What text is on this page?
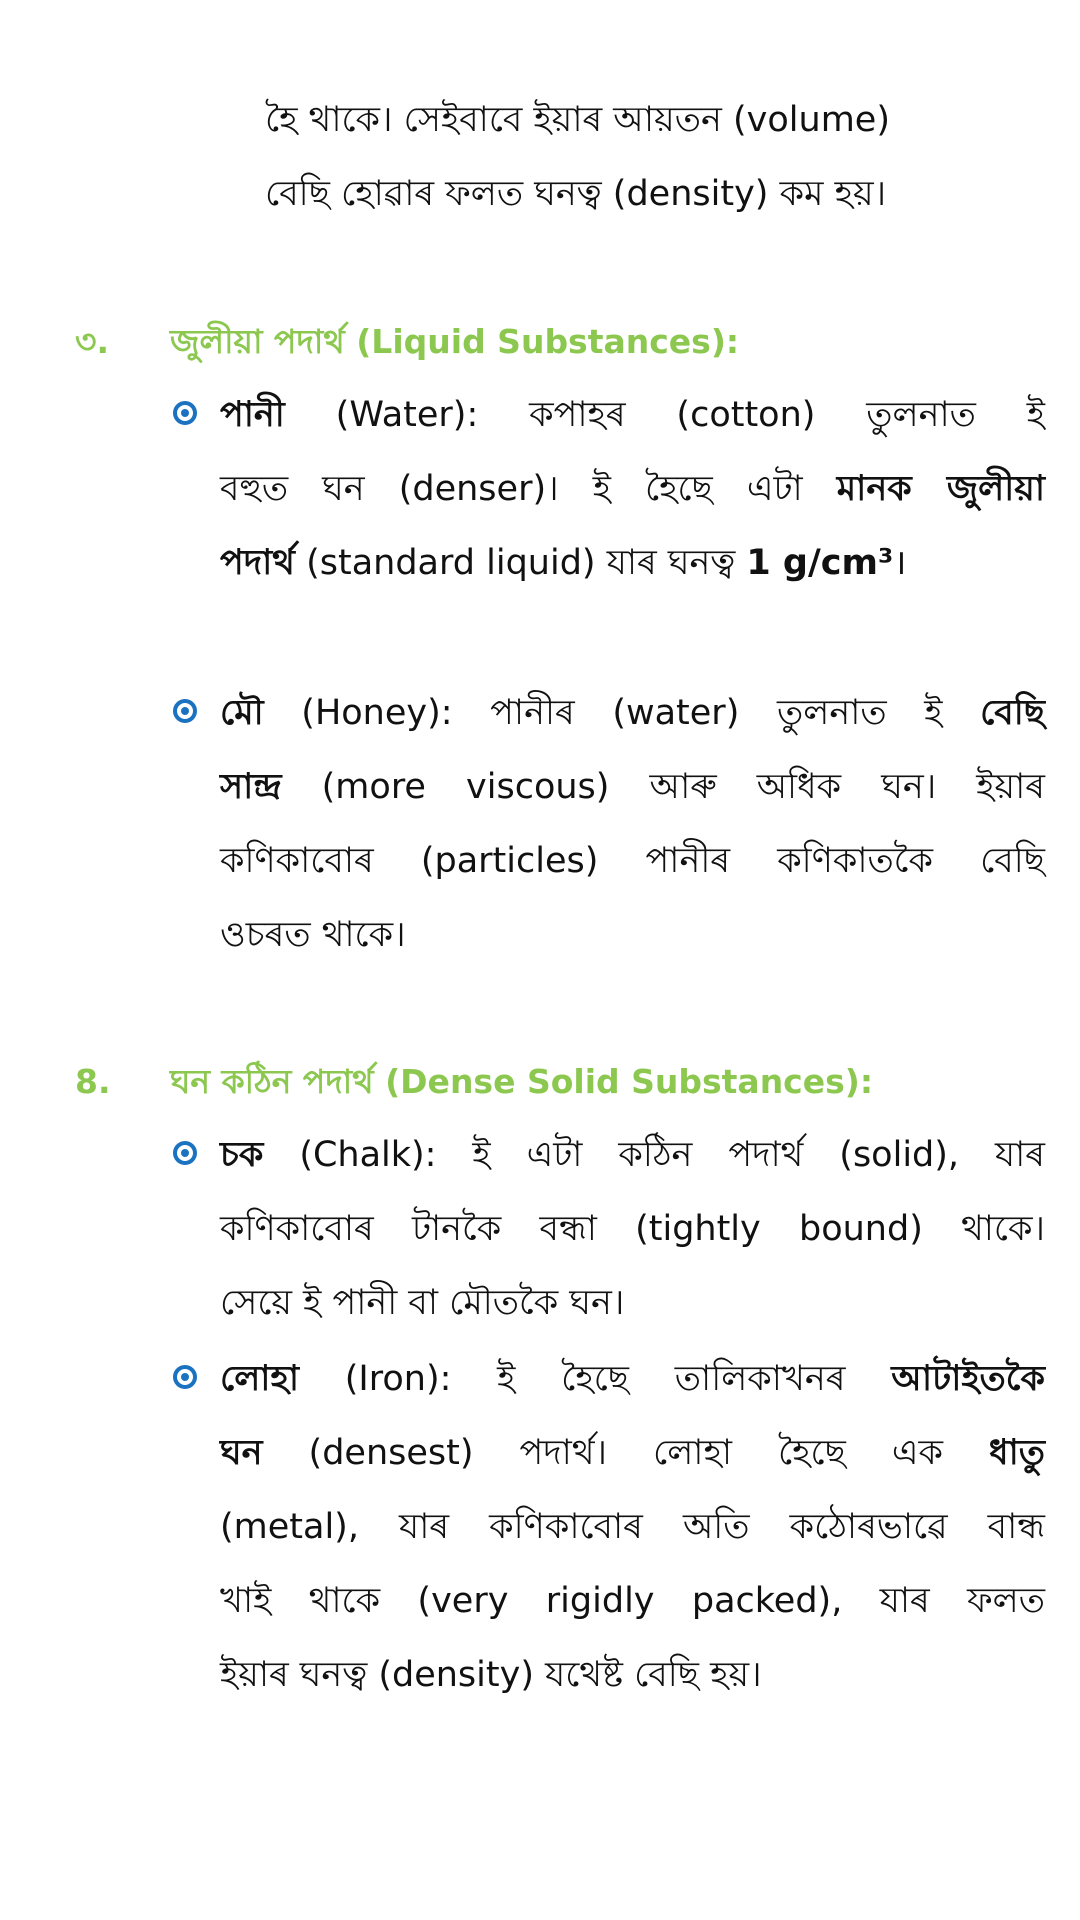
হৈ থাকে। সেইবাবে ইয়াৰ আয়তন (volume)
বেছি হোৱাৰ ফলত ঘনত্ব (density) কম হয়।
৩. জুলীয়া পদাৰ্থ (Liquid Substances):
পানী (Water): কপাহৰ (cotton) তুলনাত ই
বহুত ঘন (denser)। ই হৈছে এটা মানক জুলীয়া
পদাৰ্থ (standard liquid) যাৰ ঘনত্ব 1 g/cm³।
মৌ (Honey): পানীৰ (water) তুলনাত ই বেছি
সান্দ্ৰ (more viscous) আৰু অধিক ঘন। ইয়াৰ
কণিকাবোৰ (particles) পানীৰ কণিকাতকৈ বেছি
ওচৰত থাকে।
8. ঘন কঠিন পদাৰ্থ (Dense Solid Substances):
চক (Chalk): ই এটা কঠিন পদাৰ্থ (solid), যাৰ
কণিকাবোৰ টানকৈ বন্ধা (tightly bound) থাকে।
সেয়ে ই পানী বা মৌতকৈ ঘন।
লোহা (Iron): ই হৈছে তালিকাখনৰ আটাইতকৈ
ঘন (densest) পদাৰ্থ। লোহা হৈছে এক ধাতু
(metal), যাৰ কণিকাবোৰ অতি কঠোৰভাৱে বান্ধ
খাই থাকে (very rigidly packed), যাৰ ফলত
ইয়াৰ ঘনত্ব (density) যথেষ্ট বেছি হয়।
